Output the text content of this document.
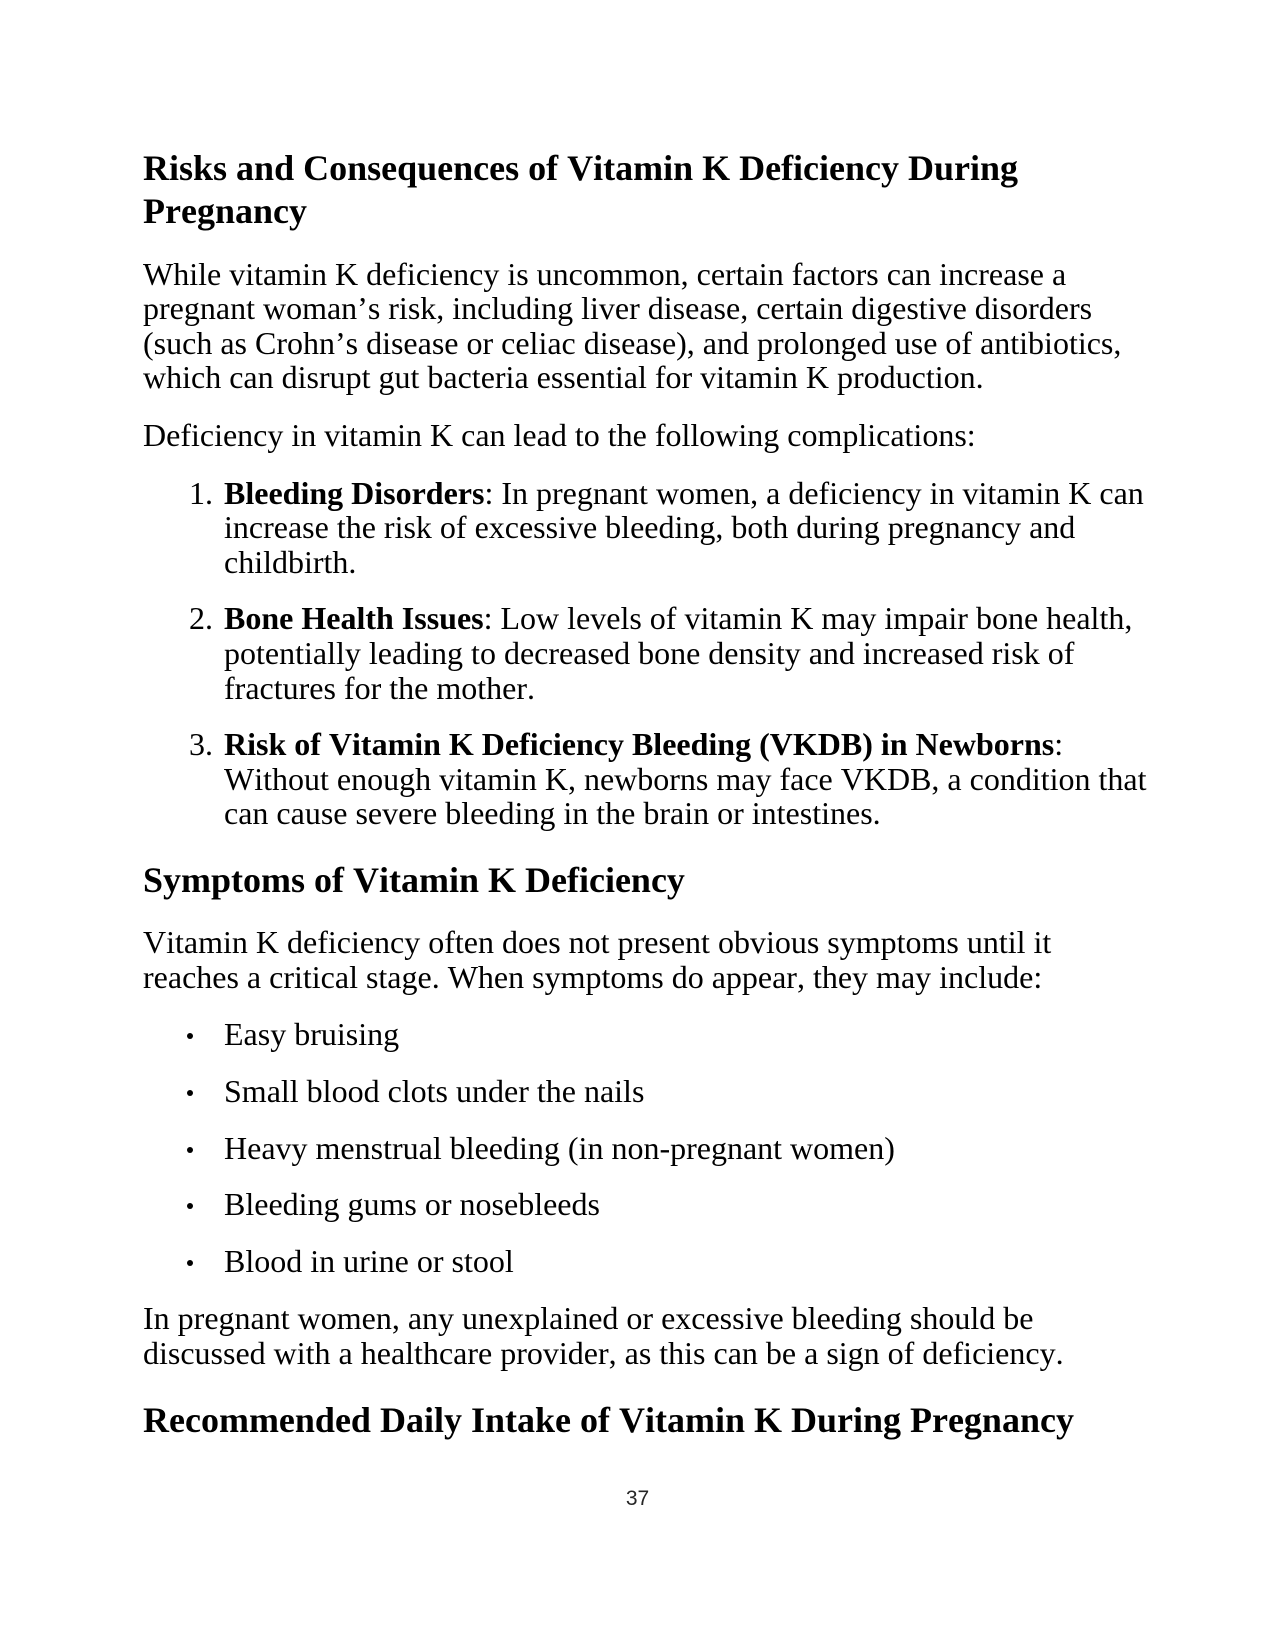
Risks and Consequences of Vitamin K Deficiency During Pregnancy

While vitamin K deficiency is uncommon, certain factors can increase a pregnant woman’s risk, including liver disease, certain digestive disorders (such as Crohn’s disease or celiac disease), and prolonged use of antibiotics, which can disrupt gut bacteria essential for vitamin K production.

Deficiency in vitamin K can lead to the following complications:

1. Bleeding Disorders: In pregnant women, a deficiency in vitamin K can increase the risk of excessive bleeding, both during pregnancy and childbirth.
2. Bone Health Issues: Low levels of vitamin K may impair bone health, potentially leading to decreased bone density and increased risk of fractures for the mother.
3. Risk of Vitamin K Deficiency Bleeding (VKDB) in Newborns: Without enough vitamin K, newborns may face VKDB, a condition that can cause severe bleeding in the brain or intestines.
Symptoms of Vitamin K Deficiency

Vitamin K deficiency often does not present obvious symptoms until it reaches a critical stage. When symptoms do appear, they may include:

Easy bruising
Small blood clots under the nails
Heavy menstrual bleeding (in non-pregnant women)
Bleeding gums or nosebleeds
Blood in urine or stool

In pregnant women, any unexplained or excessive bleeding should be discussed with a healthcare provider, as this can be a sign of deficiency.

Recommended Daily Intake of Vitamin K During Pregnancy
37
